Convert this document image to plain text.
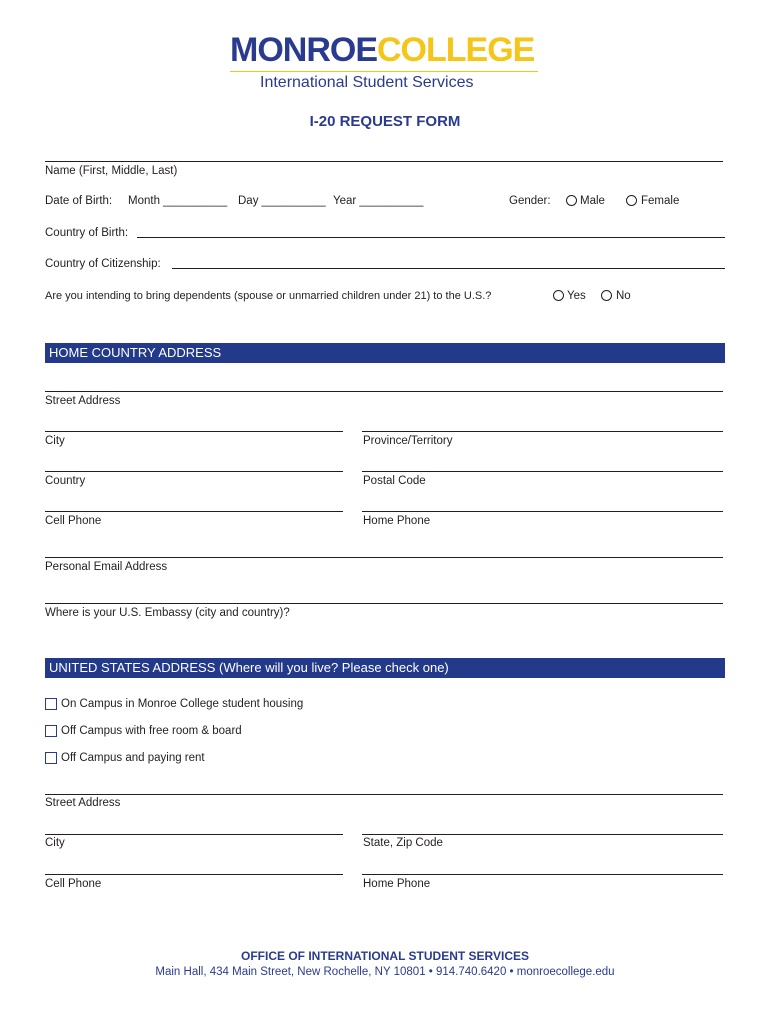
MONROECOLLEGE
International Student Services
I-20 REQUEST FORM
Name (First, Middle, Last)
Date of Birth: Month __________ Day __________ Year __________	Gender:	Male	Female
Country of Birth:
Country of Citizenship:
Are you intending to bring dependents (spouse or unmarried children under 21) to the U.S.?	Yes	No
HOME COUNTRY ADDRESS
Street Address
City	Province/Territory
Country	Postal Code
Cell Phone	Home Phone
Personal Email Address
Where is your U.S. Embassy (city and country)?
UNITED STATES ADDRESS (Where will you live? Please check one)
On Campus in Monroe College student housing
Off Campus with free room & board
Off Campus and paying rent
Street Address
City	State, Zip Code
Cell Phone	Home Phone
OFFICE OF INTERNATIONAL STUDENT SERVICES
Main Hall, 434 Main Street, New Rochelle, NY 10801 • 914.740.6420 • monroecollege.edu
